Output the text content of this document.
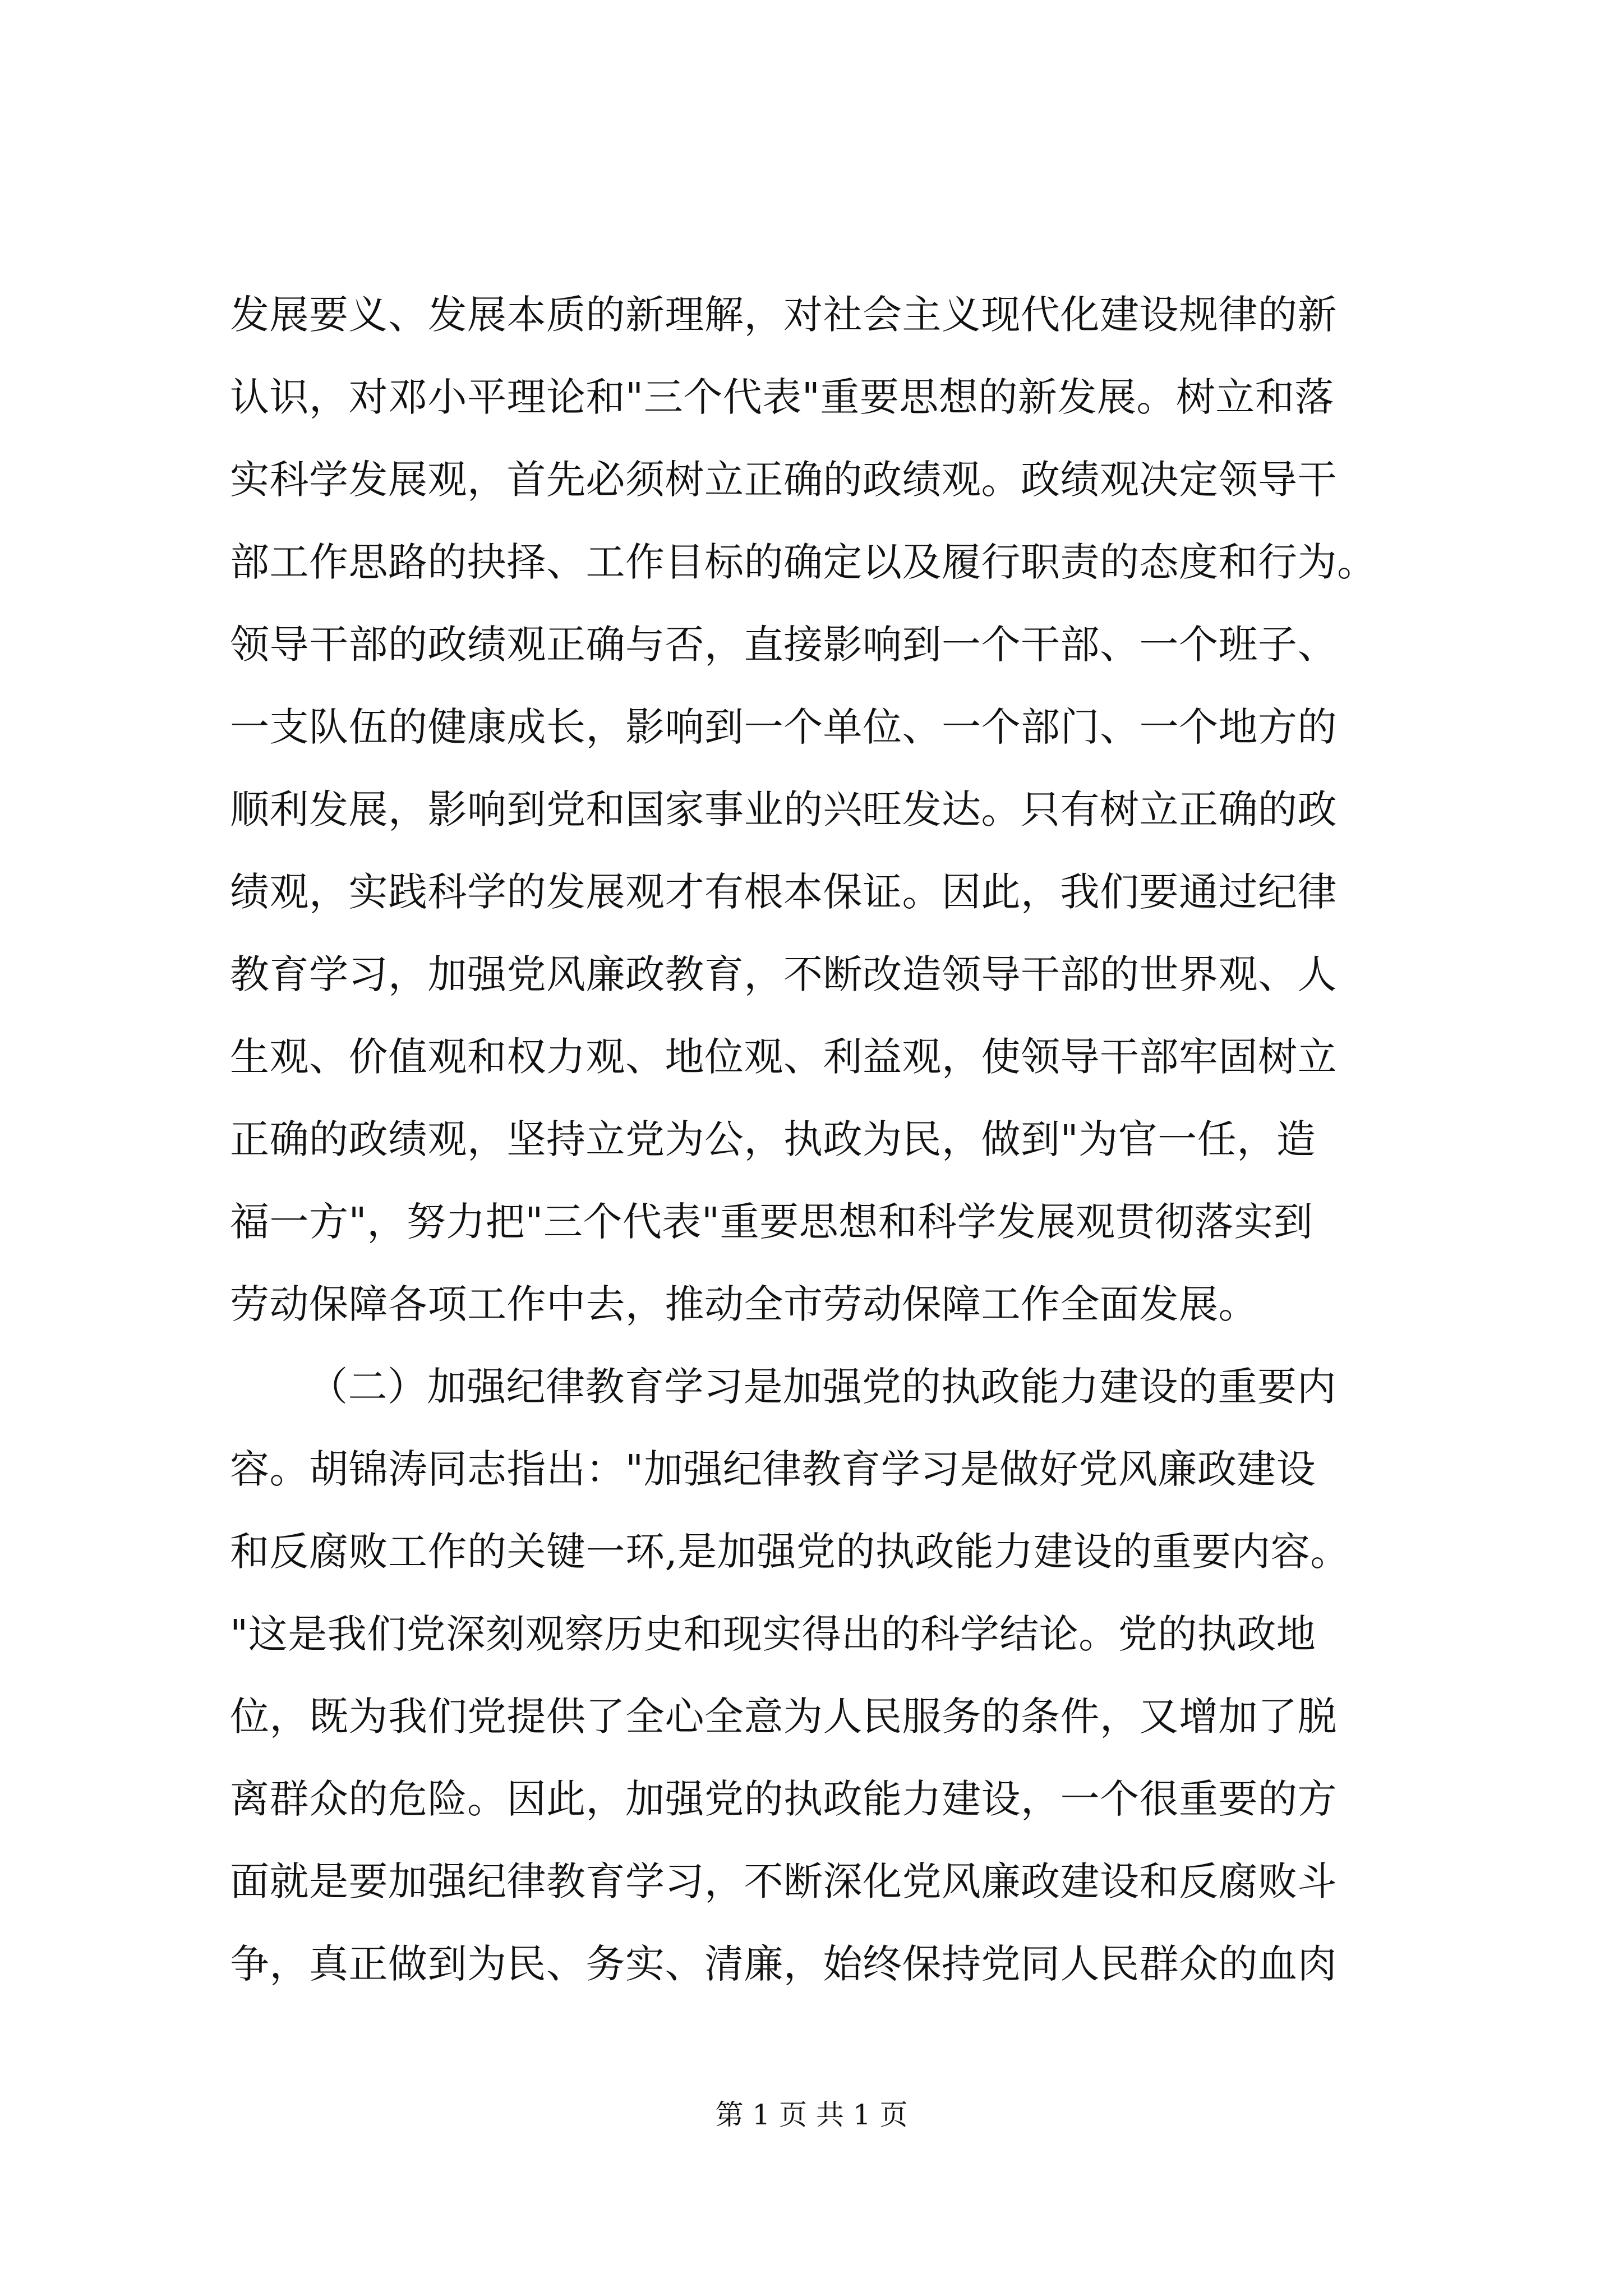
发展要义、发展本质的新理解，对社会主义现代化建设规律的新
认识，对邓小平理论和"三个代表"重要思想的新发展。树立和落
实科学发展观，首先必须树立正确的政绩观。政绩观决定领导干
部工作思路的抉择、工作目标的确定以及履行职责的态度和行为。
领导干部的政绩观正确与否，直接影响到一个干部、一个班子、
一支队伍的健康成长，影响到一个单位、一个部门、一个地方的
顺利发展，影响到党和国家事业的兴旺发达。只有树立正确的政
绩观，实践科学的发展观才有根本保证。因此，我们要通过纪律
教育学习，加强党风廉政教育，不断改造领导干部的世界观、人
生观、价值观和权力观、地位观、利益观，使领导干部牢固树立
正确的政绩观，坚持立党为公，执政为民，做到"为官一任，造
福一方"，努力把"三个代表"重要思想和科学发展观贯彻落实到
劳动保障各项工作中去，推动全市劳动保障工作全面发展。
（二）加强纪律教育学习是加强党的执政能力建设的重要内
容。胡锦涛同志指出："加强纪律教育学习是做好党风廉政建设
和反腐败工作的关键一环,是加强党的执政能力建设的重要内容。
"这是我们党深刻观察历史和现实得出的科学结论。党的执政地
位，既为我们党提供了全心全意为人民服务的条件，又增加了脱
离群众的危险。因此，加强党的执政能力建设，一个很重要的方
面就是要加强纪律教育学习，不断深化党风廉政建设和反腐败斗
争，真正做到为民、务实、清廉，始终保持党同人民群众的血肉
第 1 页 共 1 页
